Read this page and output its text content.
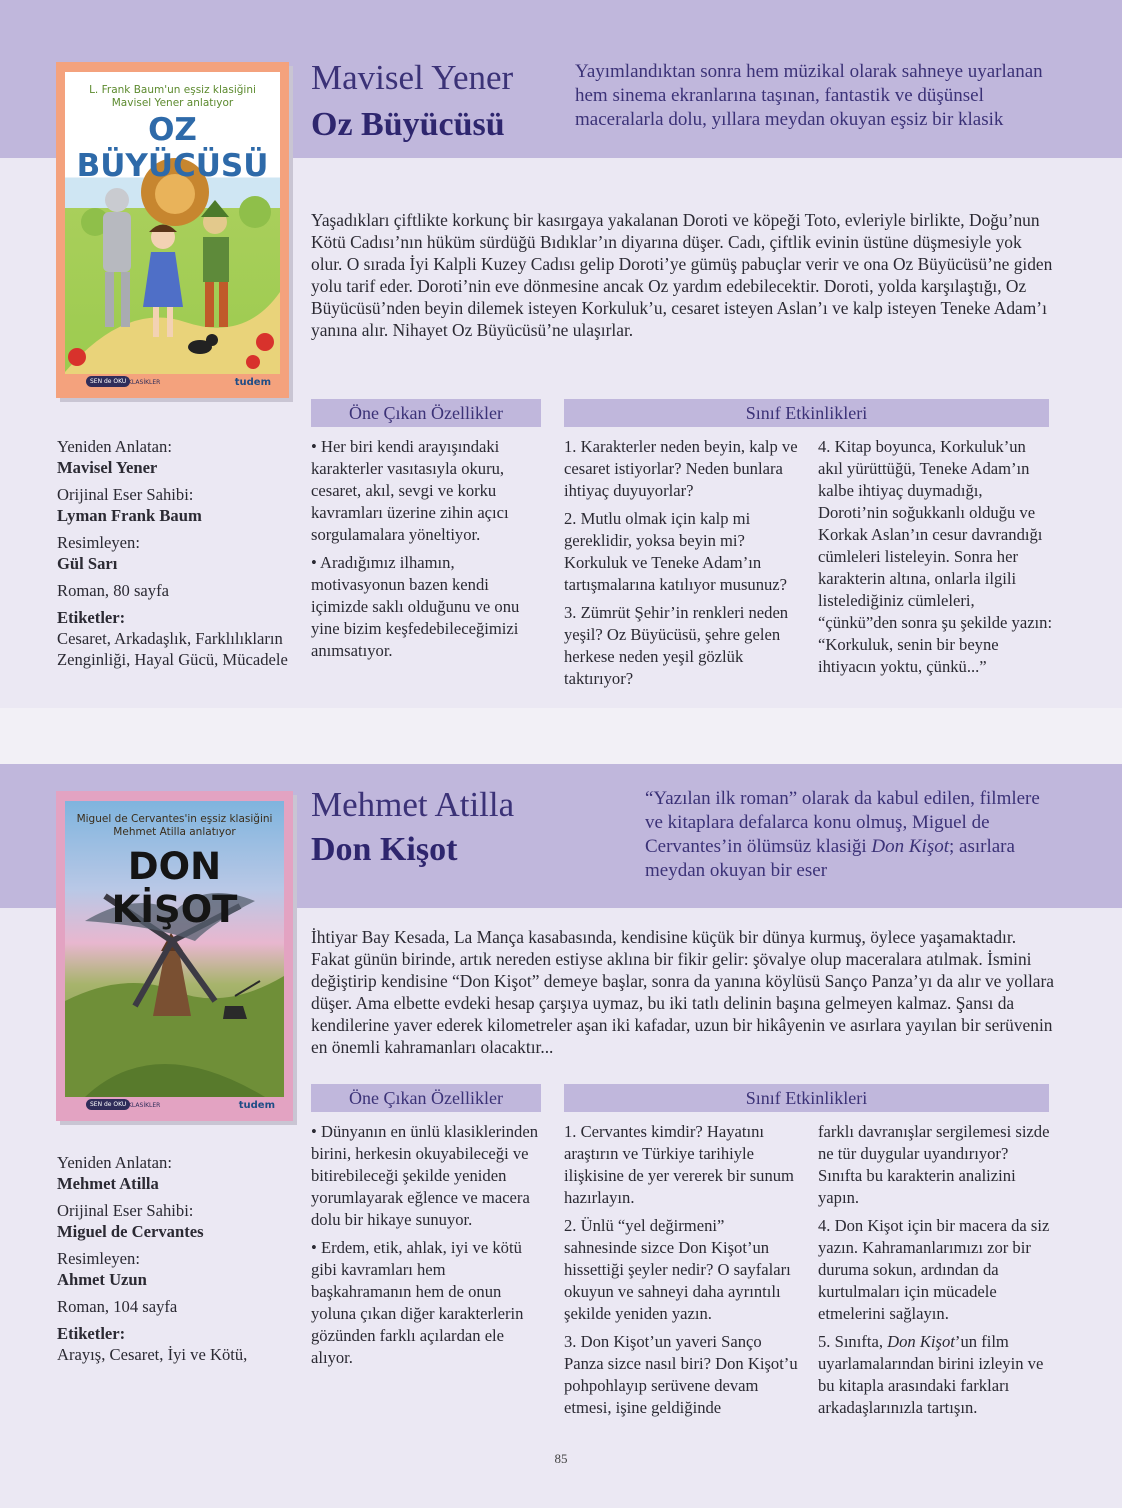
L. Frank Baum'un eşsiz klasiğini
Mavisel Yener anlatıyor
OZ BÜYÜCÜSÜ
SEN de OKU KLASİKLER	tudem
Mavisel Yener
Oz Büyücüsü
Yayımlandıktan sonra hem müzikal olarak sahneye uyarlanan hem sinema ekranlarına taşınan, fantastik ve düşünsel maceralarla dolu, yıllara meydan okuyan eşsiz bir klasik
Yaşadıkları çiftlikte korkunç bir kasırgaya yakalanan Doroti ve köpeği Toto, evleriyle birlikte, Doğu’nun Kötü Cadısı’nın hüküm sürdüğü Bıdıklar’ın diyarına düşer. Cadı, çiftlik evinin üstüne düşmesiyle yok olur. O sırada İyi Kalpli Kuzey Cadısı gelip Doroti’ye gümüş pabuçlar verir ve ona Oz Büyücüsü’ne giden yolu tarif eder. Doroti’nin eve dönmesine ancak Oz yardım edebilecektir. Doroti, yolda karşılaştığı, Oz Büyücüsü’nden beyin dilemek isteyen Korkuluk’u, cesaret isteyen Aslan’ı ve kalp isteyen Teneke Adam’ı yanına alır. Nihayet Oz Büyücüsü’ne ulaşırlar.
Öne Çıkan Özellikler	Sınıf Etkinlikleri

• Her biri kendi arayışındaki karakterler vasıtasıyla okuru, cesaret, akıl, sevgi ve korku kavramları üzerine zihin açıcı sorgulamalara yöneltiyor.

• Aradığımız ilhamın, motivasyonun bazen kendi içimizde saklı olduğunu ve onu yine bizim keşfedebileceğimizi anımsatıyor.

1. Karakterler neden beyin, kalp ve cesaret istiyorlar? Neden bunlara ihtiyaç duyuyorlar?

2. Mutlu olmak için kalp mi gereklidir, yoksa beyin mi? Korkuluk ve Teneke Adam’ın tartışmalarına katılıyor musunuz?

3. Zümrüt Şehir’in renkleri neden yeşil? Oz Büyücüsü, şehre gelen herkese neden yeşil gözlük taktırıyor?

4. Kitap boyunca, Korkuluk’un akıl yürüttüğü, Teneke Adam’ın kalbe ihtiyaç duymadığı, Doroti’nin soğukkanlı olduğu ve Korkak Aslan’ın cesur davrandığı cümleleri listeleyin. Sonra her karakterin altına, onlarla ilgili listelediğiniz cümleleri, “çünkü”den sonra şu şekilde yazın: “Korkuluk, senin bir beyne ihtiyacın yoktu, çünkü...”

Yeniden Anlatan:
Mavisel Yener
Orijinal Eser Sahibi:
Lyman Frank Baum
Resimleyen:
Gül Sarı
Roman, 80 sayfa
Etiketler:
Cesaret, Arkadaşlık, Farklılıkların Zenginliği, Hayal Gücü, Mücadele
Miguel de Cervantes'in eşsiz klasiğini
Mehmet Atilla anlatıyor
DON KİŞOT
SEN de OKU KLASİKLER	tudem
Mehmet Atilla
Don Kişot
“Yazılan ilk roman” olarak da kabul edilen, filmlere ve kitaplara defalarca konu olmuş, Miguel de Cervantes’in ölümsüz klasiği Don Kişot; asırlara meydan okuyan bir eser
İhtiyar Bay Kesada, La Mança kasabasında, kendisine küçük bir dünya kurmuş, öylece yaşamaktadır. Fakat günün birinde, artık nereden estiyse aklına bir fikir gelir: şövalye olup maceralara atılmak. İsmini değiştirip kendisine “Don Kişot” demeye başlar, sonra da yanına köylüsü Sanço Panza’yı da alır ve yollara düşer. Ama elbette evdeki hesap çarşıya uymaz, bu iki tatlı delinin başına gelmeyen kalmaz. Şansı da kendilerine yaver ederek kilometreler aşan iki kafadar, uzun bir hikâyenin ve asırlara yayılan bir serüvenin en önemli kahramanları olacaktır...
Öne Çıkan Özellikler	Sınıf Etkinlikleri

• Dünyanın en ünlü klasiklerinden birini, herkesin okuyabileceği ve bitirebileceği şekilde yeniden yorumlayarak eğlence ve macera dolu bir hikaye sunuyor.

• Erdem, etik, ahlak, iyi ve kötü gibi kavramları hem başkahramanın hem de onun yoluna çıkan diğer karakterlerin gözünden farklı açılardan ele alıyor.

1. Cervantes kimdir? Hayatını araştırın ve Türkiye tarihiyle ilişkisine de yer vererek bir sunum hazırlayın.

2. Ünlü “yel değirmeni” sahnesinde sizce Don Kişot’un hissettiği şeyler nedir? O sayfaları okuyun ve sahneyi daha ayrıntılı şekilde yeniden yazın.

3. Don Kişot’un yaveri Sanço Panza sizce nasıl biri? Don Kişot’u pohpohlayıp serüvene devam etmesi, işine geldiğinde

farklı davranışlar sergilemesi sizde ne tür duygular uyandırıyor? Sınıfta bu karakterin analizini yapın.

4. Don Kişot için bir macera da siz yazın. Kahramanlarımızı zor bir duruma sokun, ardından da kurtulmaları için mücadele etmelerini sağlayın.

5. Sınıfta, Don Kişot’un film uyarlamalarından birini izleyin ve bu kitapla arasındaki farkları arkadaşlarınızla tartışın.

Yeniden Anlatan:
Mehmet Atilla
Orijinal Eser Sahibi:
Miguel de Cervantes
Resimleyen:
Ahmet Uzun
Roman, 104 sayfa
Etiketler:
Arayış, Cesaret, İyi ve Kötü,
85
